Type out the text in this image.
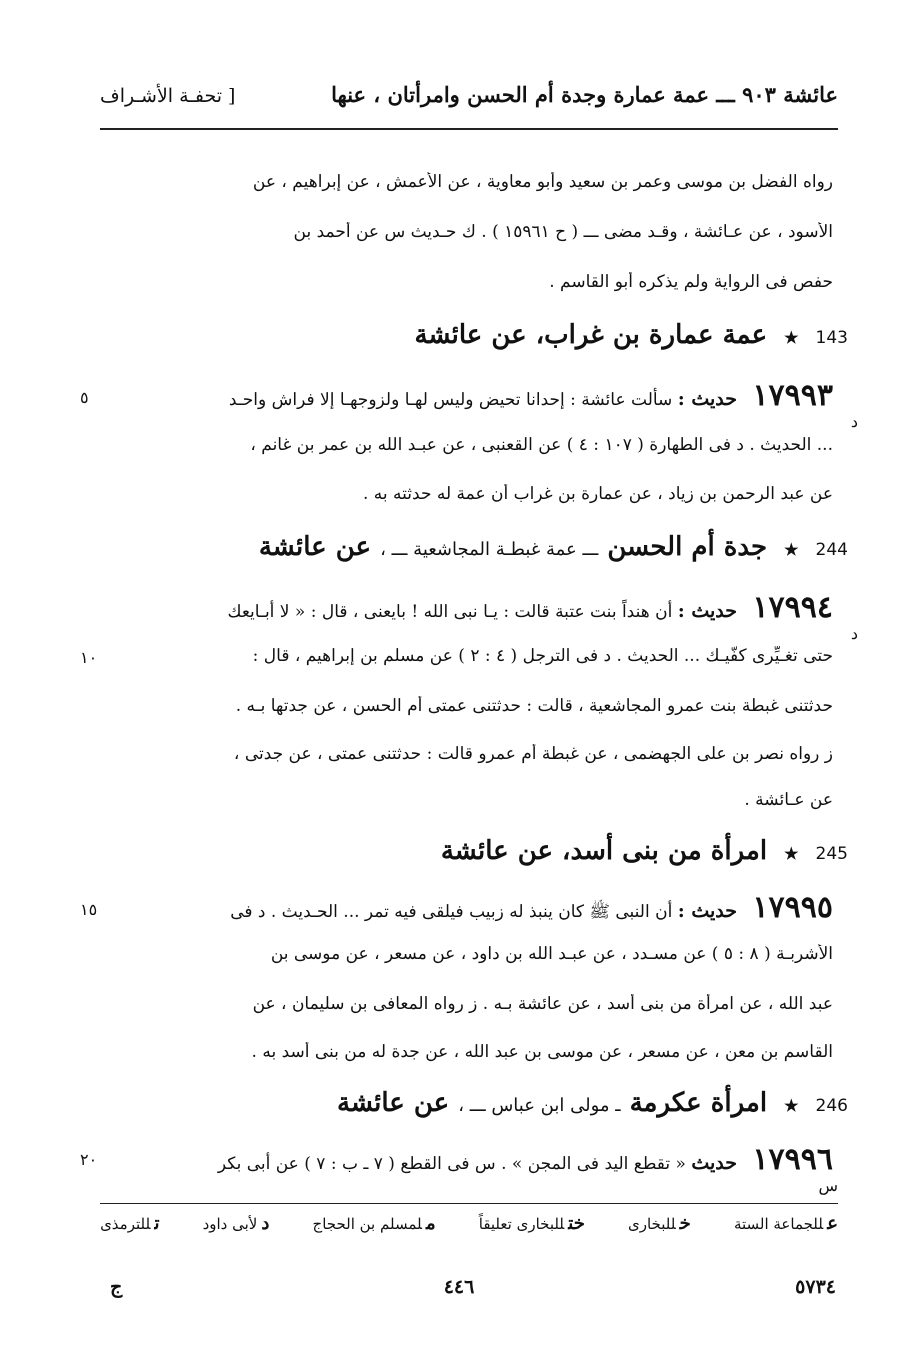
عائشة ٩٠٣ ـــ عمة عمارة وجدة أم الحسن وامرأتان ، عنها
[ تحفـة الأشـراف
رواه الفضل بن موسى وعمر بن سعيد وأبو معاوية ، عن الأعمش ، عن إبراهيم ، عن
الأسود ، عن عـائشة ، وقـد مضى ـــ ( ح ١٥٩٦١ ) . ك حـديث س عن أحمد بن
حفص فى الرواية ولم يذكره أبو القاسم .
143 ★ عمة عمارة بن غراب، عن عائشة
١٧٩٩٣ حديث : سألت عائشة : إحدانا تحيض وليس لهـا ولزوجهـا إلا فراش واحـد
د
٥
... الحديث . د فى الطهارة ( ١٠٧ : ٤ ) عن القعنبى ، عن عبـد الله بن عمر بن غانم ،
عن عبد الرحمن بن زياد ، عن عمارة بن غراب أن عمة له حدثته به .
244 ★ جدة أم الحسن ـــ عمة غبطـة المجاشعية ـــ ، عن عائشة
١٧٩٩٤ حديث : أن هنداً بنت عتبة قالت : يـا نبى الله ! بايعنى ، قال : « لا أبـايعك
د
حتى تغـيِّرى كفَّيـك ... الحديث . د فى الترجل ( ٤ : ٢ ) عن مسلم بن إبراهيم ، قال :
١٠
حدثتنى غبطة بنت عمرو المجاشعية ، قالت : حدثتنى عمتى أم الحسن ، عن جدتها بـه .
ز رواه نصر بن على الجهضمى ، عن غبطة أم عمرو قالت : حدثتنى عمتى ، عن جدتى ،
عن عـائشة .
245 ★ امرأة من بنى أسد، عن عائشة
١٧٩٩٥ حديث : أن النبى ﷺ كان ينبذ له زبيب فيلقى فيه تمر ... الحـديث . د فى
١٥
الأشربـة ( ٨ : ٥ ) عن مسـدد ، عن عبـد الله بن داود ، عن مسعر ، عن موسى بن
عبد الله ، عن امرأة من بنى أسد ، عن عائشة بـه . ز رواه المعافى بن سليمان ، عن
القاسم بن معن ، عن مسعر ، عن موسى بن عبد الله ، عن جدة له من بنى أسد به .
246 ★ امرأة عكرمة ـ مولى ابن عباس ـــ ، عن عائشة
١٧٩٩٦ حديث « تقطع اليد فى المجن » . س فى القطع ( ٧ ـ ب : ٧ ) عن أبى بكر
٢٠
س
عللجماعة الستة
خللبخارى
ختللبخارى تعليقاً
ملمسلم بن الحجاج
دلأبى داود
تللترمذى
٥٧٣٤
٤٤٦
ج
